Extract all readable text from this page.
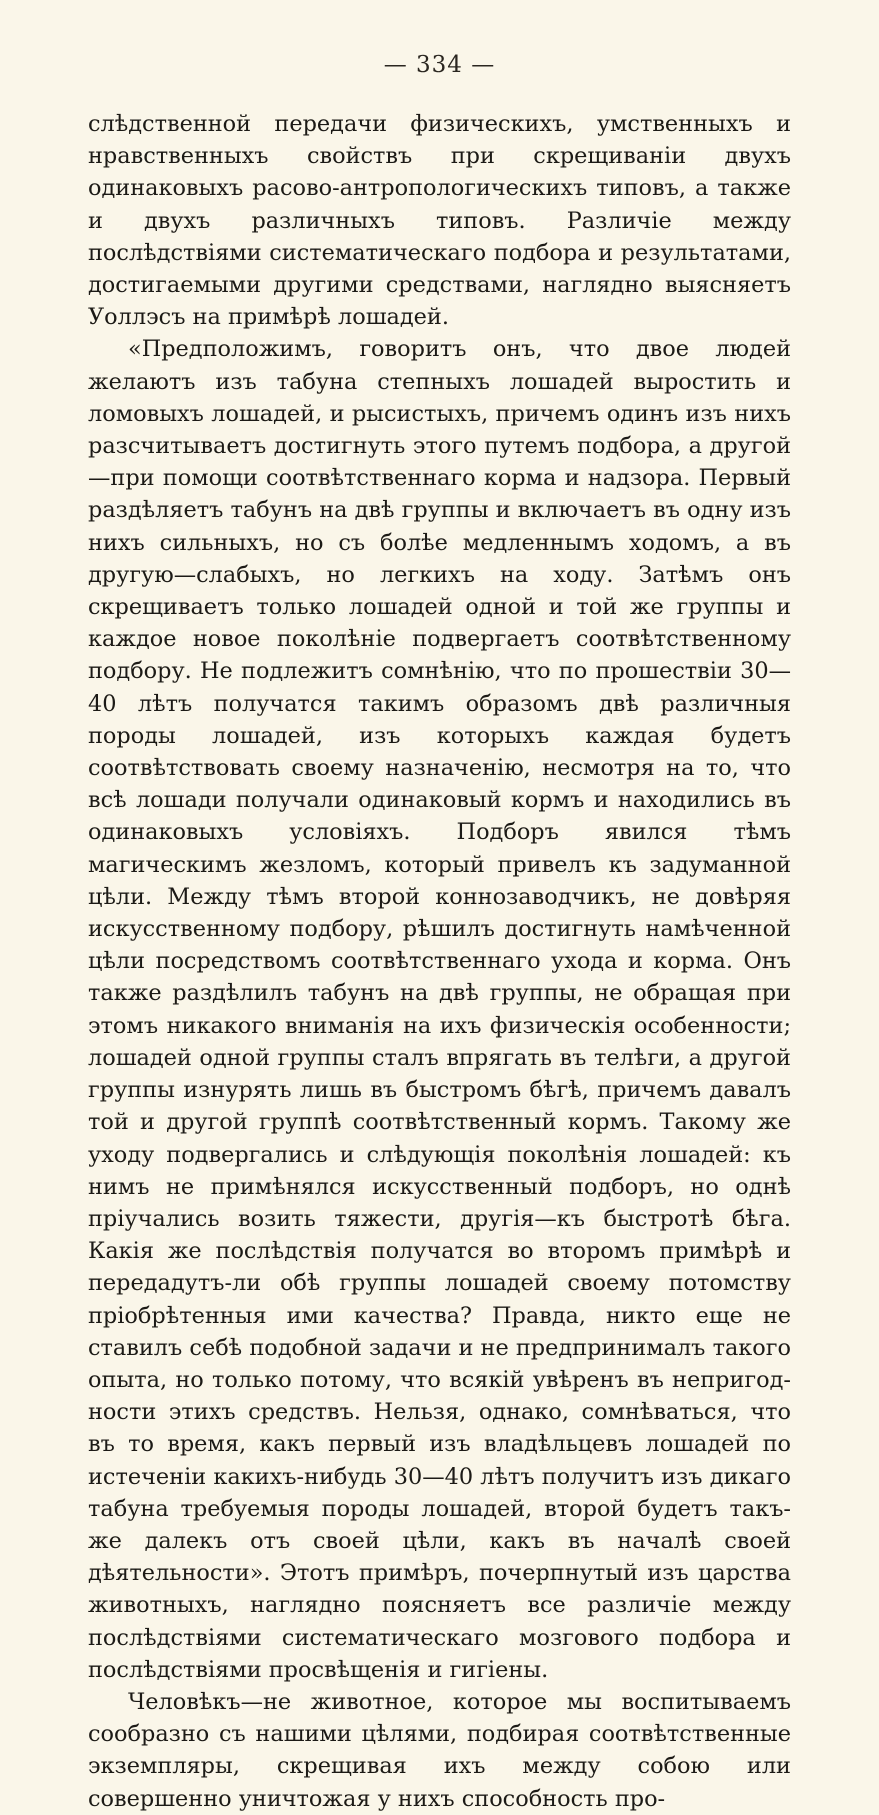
— 334 —

слѣдственной передачи физическихъ, умственныхъ и нравственныхъ свойствъ при скрещиваніи двухъ одинаковыхъ расово-антропологическихъ типовъ, а также и двухъ различныхъ типовъ. Различіе между послѣдствіями систематическаго подбора и результатами, достигаемыми другими средствами, наглядно выясняетъ Уоллэсъ на примѣрѣ лошадей.

«Предположимъ, говоритъ онъ, что двое людей желаютъ изъ табуна степныхъ лошадей выростить и ломовыхъ лошадей, и рысистыхъ, причемъ одинъ изъ нихъ разсчитываетъ достигнуть этого путемъ подбора, а другой—при помощи соотвѣтственнаго корма и надзора. Первый раздѣляетъ табунъ на двѣ группы и включаетъ въ одну изъ нихъ сильныхъ, но съ болѣе медленнымъ ходомъ, а въ другую—слабыхъ, но легкихъ на ходу. Затѣмъ онъ скрещиваетъ только лошадей одной и той же группы и каждое новое поколѣніе подвергаетъ соотвѣтственному подбору. Не подлежитъ сомнѣнію, что по прошествіи 30—40 лѣтъ получатся такимъ образомъ двѣ различныя породы лошадей, изъ которыхъ каждая будетъ соотвѣтствовать своему назначенію, несмотря на то, что всѣ лошади получали одинаковый кормъ и находились въ одинаковыхъ условіяхъ. Подборъ явился тѣмъ магическимъ жезломъ, который привелъ къ задуманной цѣли. Между тѣмъ второй коннозаводчикъ, не довѣряя искусственному подбору, рѣшилъ достигнуть намѣченной цѣли посредствомъ соотвѣтственнаго ухода и корма. Онъ также раздѣлилъ табунъ на двѣ группы, не обращая при этомъ никакого вниманія на ихъ физическія особенности; лошадей одной группы сталъ впрягать въ телѣги, а другой группы изнурять лишь въ быстромъ бѣгѣ, причемъ давалъ той и другой группѣ соотвѣтственный кормъ. Такому же уходу подвергались и слѣдующія поколѣнія лошадей: къ нимъ не примѣнялся искусственный подборъ, но однѣ пріучались возить тяжести, другія—къ быстротѣ бѣга. Какія же послѣдствія получатся во второмъ примѣрѣ и передадутъ-ли обѣ группы лошадей своему потомству пріобрѣтенныя ими качества? Правда, никто еще не ставилъ себѣ подобной задачи и не предпринималъ такого опыта, но только потому, что всякій увѣренъ въ непригодности этихъ средствъ. Нельзя, однако, сомнѣваться, что въ то время, какъ первый изъ владѣльцевъ лошадей по истеченіи какихъ-нибудь 30—40 лѣтъ получитъ изъ дикаго табуна требуемыя породы лошадей, второй будетъ такъ-же далекъ отъ своей цѣли, какъ въ началѣ своей дѣятельности». Этотъ примѣръ, почерпнутый изъ царства животныхъ, наглядно поясняетъ все различіе между послѣдствіями систематическаго мозгового подбора и послѣдствіями просвѣщенія и гигіены.

Человѣкъ—не животное, которое мы воспитываемъ сообразно съ нашими цѣлями, подбирая соотвѣтственные экземпляры, скрещивая ихъ между собою или совершенно уничтожая у нихъ способность про-
